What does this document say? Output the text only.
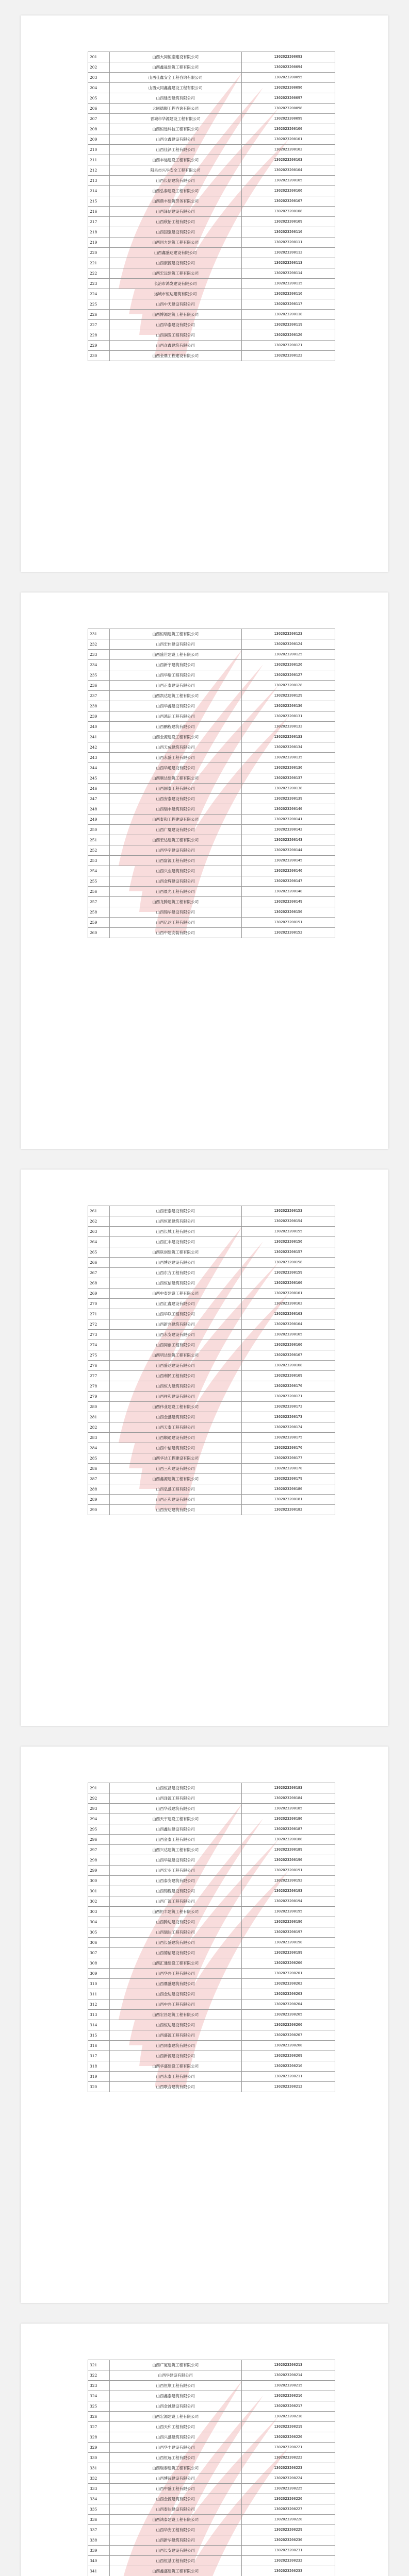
201	山西大同恒泰建设有限公司	1302023200093
202	山西鑫晟建筑工程有限公司	1302023200094
203	山西佳鑫安全工程咨询有限公司	1302023200095
204	山西大同鑫鑫建设工程有限公司	1302023200096
205	山西建安建筑有限公司	1302023200097
206	大同德顺工程咨询有限公司	1302023200098
207	晋城市华源建设工程有限公司	1302023200099
208	山西恒远科技工程有限公司	1302023200100
209	山西立鑫建设有限公司	1302023200101
210	山西佳泽工程有限公司	1302023200102
211	山西丰运建设工程有限公司	1302023200103
212	阳泉市兴华安全工程有限公司	1302023200104
213	山西长信建筑有限公司	1302023200105
214	山西弘泰建设工程有限公司	1302023200106
215	山西鼎丰建筑劳务有限公司	1302023200107
216	山西泽信建设有限公司	1302023200108
217	山西欣怡工程有限公司	1302023200109
218	山西国强建设有限公司	1302023200110
219	山西同力建筑工程有限公司	1302023200111
220	山西鑫盛达建设有限公司	1302023200112
221	山西康源建设有限公司	1302023200113
222	山西宏远建筑工程有限公司	1302023200114
223	长治市鸿发建设有限公司	1302023200115
224	运城市恒达建筑有限公司	1302023200116
225	山西中天建设有限公司	1302023200117
226	山西博源建筑工程有限公司	1302023200118
227	山西华泰建设有限公司	1302023200119
228	山西润发工程有限公司	1302023200120
229	山西众鑫建筑有限公司	1302023200121
230	山西金鼎工程建设有限公司	1302023200122
231	山西恒瑞建筑工程有限公司	1302023200123
232	山西宏伟建设有限公司	1302023200124
233	山西盛世建设工程有限公司	1302023200125
234	山西新宇建筑有限公司	1302023200126
235	山西华瑞工程有限公司	1302023200127
236	山西正泰建设有限公司	1302023200128
237	山西凯达建筑工程有限公司	1302023200129
238	山西华鑫建设有限公司	1302023200130
239	山西鸿运工程有限公司	1302023200131
240	山西鹏程建筑有限公司	1302023200132
241	山西金源建设工程有限公司	1302023200133
242	山西天成建筑有限公司	1302023200134
243	山西永盛工程有限公司	1302023200135
244	山西华通建设有限公司	1302023200136
245	山西顺达建筑工程有限公司	1302023200137
246	山西国泰工程有限公司	1302023200138
247	山西安泰建设有限公司	1302023200139
248	山西瑞丰建筑有限公司	1302023200140
249	山西泰和工程建设有限公司	1302023200141
250	山西广厦建设有限公司	1302023200142
251	山西宏达建筑工程有限公司	1302023200143
252	山西华宇建设有限公司	1302023200144
253	山西富源工程有限公司	1302023200145
254	山西兴业建筑有限公司	1302023200146
255	山西金辉建设有限公司	1302023200147
256	山西晨光工程有限公司	1302023200148
257	山西龙腾建筑工程有限公司	1302023200149
258	山西锦华建设有限公司	1302023200150
259	山西亿达工程有限公司	1302023200151
260	山西中建安装有限公司	1302023200152
261	山西宏泰建设有限公司	1302023200153
262	山西恒通建筑有限公司	1302023200154
263	山西长城工程有限公司	1302023200155
264	山西汇丰建设有限公司	1302023200156
265	山西联创建筑工程有限公司	1302023200157
266	山西博达建设有限公司	1302023200158
267	山西东方工程有限公司	1302023200159
268	山西恒信建筑有限公司	1302023200160
269	山西中泰建设工程有限公司	1302023200161
270	山西汇鑫建设有限公司	1302023200162
271	山西华联工程有限公司	1302023200163
272	山西新兴建筑有限公司	1302023200164
273	山西永安建设有限公司	1302023200165
274	山西同创工程有限公司	1302023200166
275	山西明达建筑工程有限公司	1302023200167
276	山西盛达建设有限公司	1302023200168
277	山西利民工程有限公司	1302023200169
278	山西恒力建筑有限公司	1302023200170
279	山西祥和建设有限公司	1302023200171
280	山西伟业建设工程有限公司	1302023200172
281	山西金盛建筑有限公司	1302023200173
282	山西天泰工程有限公司	1302023200174
283	山西顺通建设有限公司	1302023200175
284	山西中信建筑有限公司	1302023200176
285	山西华达工程建设有限公司	1302023200177
286	山西三和建设有限公司	1302023200178
287	山西鑫源建筑工程有限公司	1302023200179
288	山西弘盛工程有限公司	1302023200180
289	山西正和建设有限公司	1302023200181
290	山西安达建筑有限公司	1302023200182
291	山西恒昌建设有限公司	1302023200183
292	山西泽源工程有限公司	1302023200184
293	山西华茂建筑有限公司	1302023200185
294	山西天宇建设工程有限公司	1302023200186
295	山西鑫达建设有限公司	1302023200187
296	山西金泰工程有限公司	1302023200188
297	山西兴达建筑工程有限公司	1302023200189
298	山西华晟建设有限公司	1302023200190
299	山西宏业工程有限公司	1302023200191
300	山西泰安建筑有限公司	1302023200192
301	山西锦程建设有限公司	1302023200193
302	山西广源工程有限公司	1302023200194
303	山西恒丰建筑工程有限公司	1302023200195
304	山西腾达建设有限公司	1302023200196
305	山西瑞达工程有限公司	1302023200197
306	山西长盛建筑有限公司	1302023200198
307	山西德信建设有限公司	1302023200199
308	山西汇通建设工程有限公司	1302023200200
309	山西华兴工程有限公司	1302023200201
310	山西鼎盛建筑有限公司	1302023200202
311	山西金达建设有限公司	1302023200203
312	山西中兴工程有限公司	1302023200204
313	山西宏昌建筑工程有限公司	1302023200205
314	山西恒达建设有限公司	1302023200206
315	山西盛源工程有限公司	1302023200207
316	山西同泰建筑有限公司	1302023200208
317	山西新源建设有限公司	1302023200209
318	山西华盛建设工程有限公司	1302023200210
319	山西永泰工程有限公司	1302023200211
320	山西联合建筑有限公司	1302023200212
321	山西广厦建筑工程有限公司	1302023200213
322	山西华建设有限公司	1302023200214
323	山西恒顺工程有限公司	1302023200215
324	山西鑫泰建筑有限公司	1302023200216
325	山西金诚建设有限公司	1302023200217
326	山西宏源建设工程有限公司	1302023200218
327	山西天和工程有限公司	1302023200219
328	山西兴盛建筑有限公司	1302023200220
329	山西华丰建设有限公司	1302023200221
330	山西恒远工程有限公司	1302023200222
331	山西瑞泰建筑工程有限公司	1302023200223
332	山西博远建设有限公司	1302023200224
333	山西中盛工程有限公司	1302023200225
334	山西金源建筑有限公司	1302023200226
335	山西泰达建设有限公司	1302023200227
336	山西鸿泰建设工程有限公司	1302023200228
337	山西华安工程有限公司	1302023200229
338	山西新华建筑有限公司	1302023200230
339	山西长安建设有限公司	1302023200231
340	山西恒基工程有限公司	1302023200232
341	山西鑫盛建筑工程有限公司	1302023200233
